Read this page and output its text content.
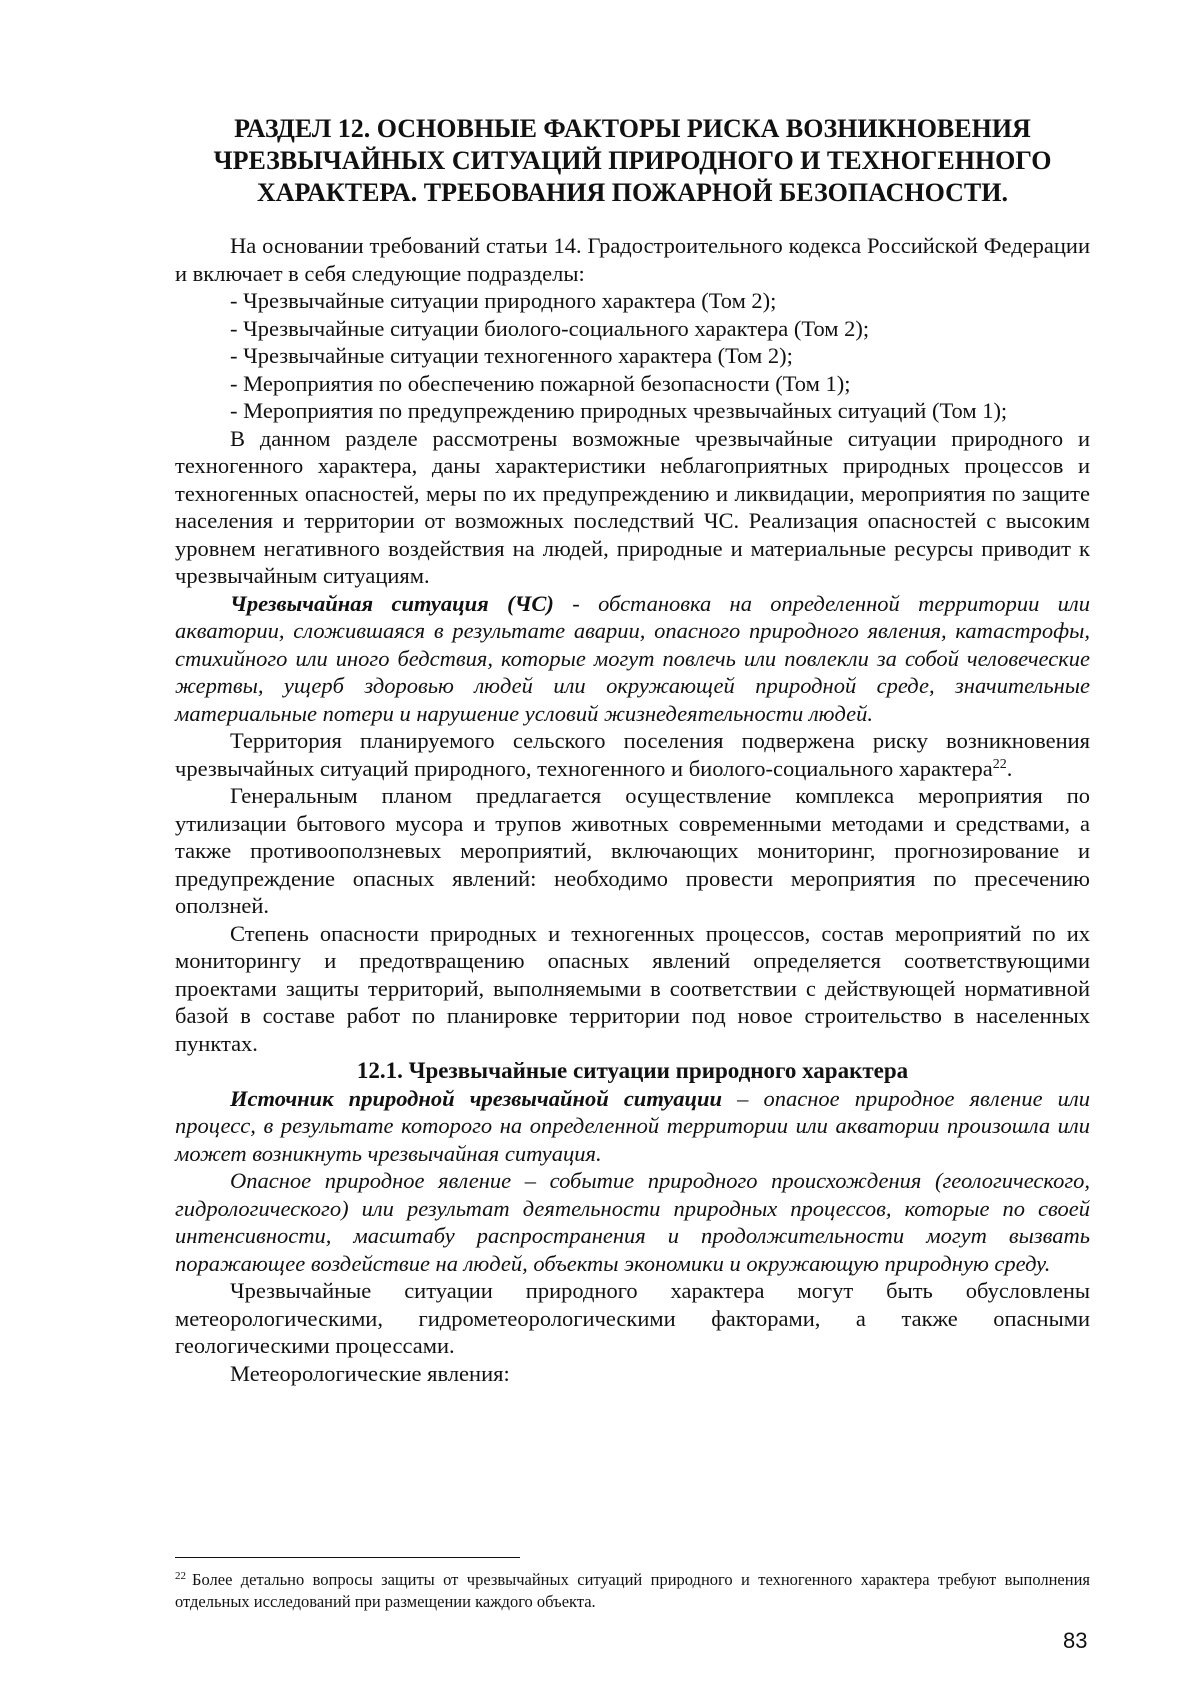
РАЗДЕЛ 12. ОСНОВНЫЕ ФАКТОРЫ РИСКА ВОЗНИКНОВЕНИЯ
ЧРЕЗВЫЧАЙНЫХ СИТУАЦИЙ ПРИРОДНОГО И ТЕХНОГЕННОГО
ХАРАКТЕРА. ТРЕБОВАНИЯ ПОЖАРНОЙ БЕЗОПАСНОСТИ.

На основании требований статьи 14. Градостроительного кодекса Российской Федерации и включает в себя следующие подразделы:

- Чрезвычайные ситуации природного характера (Том 2);

- Чрезвычайные ситуации биолого-социального характера (Том 2);

- Чрезвычайные ситуации техногенного характера (Том 2);

- Мероприятия по обеспечению пожарной безопасности (Том 1);

- Мероприятия по предупреждению природных чрезвычайных ситуаций (Том 1);

В данном разделе рассмотрены возможные чрезвычайные ситуации природного и техногенного характера, даны характеристики неблагоприятных природных процессов и техногенных опасностей, меры по их предупреждению и ликвидации, мероприятия по защите населения и территории от возможных последствий ЧС. Реализация опасностей с высоким уровнем негативного воздействия на людей, природные и материальные ресурсы приводит к чрезвычайным ситуациям.

Чрезвычайная ситуация (ЧС) - обстановка на определенной территории или акватории, сложившаяся в результате аварии, опасного природного явления, катастрофы, стихийного или иного бедствия, которые могут повлечь или повлекли за собой человеческие жертвы, ущерб здоровью людей или окружающей природной среде, значительные материальные потери и нарушение условий жизнедеятельности людей.

Территория планируемого сельского поселения подвержена риску возникновения чрезвычайных ситуаций природного, техногенного и биолого-социального характера$^{22}$.

Генеральным планом предлагается осуществление комплекса мероприятия по утилизации бытового мусора и трупов животных современными методами и средствами, а также противооползневых мероприятий, включающих мониторинг, прогнозирование и предупреждение опасных явлений: необходимо провести мероприятия по пресечению оползней.

Степень опасности природных и техногенных процессов, состав мероприятий по их мониторингу и предотвращению опасных явлений определяется соответствующими проектами защиты территорий, выполняемыми в соответствии с действующей нормативной базой в составе работ по планировке территории под новое строительство в населенных пунктах.

12.1. Чрезвычайные ситуации природного характера

Источник природной чрезвычайной ситуации – опасное природное явление или процесс, в результате которого на определенной территории или акватории произошла или может возникнуть чрезвычайная ситуация.

Опасное природное явление – событие природного происхождения (геологического, гидрологического) или результат деятельности природных процессов, которые по своей интенсивности, масштабу распространения и продолжительности могут вызвать поражающее воздействие на людей, объекты экономики и окружающую природную среду.

Чрезвычайные ситуации природного характера могут быть обусловлены метеорологическими, гидрометеорологическими факторами, а также опасными геологическими процессами.

Метеорологические явления:

$^{22}$ Более детально вопросы защиты от чрезвычайных ситуаций природного и техногенного характера требуют выполнения отдельных исследований при размещении каждого объекта.
83
